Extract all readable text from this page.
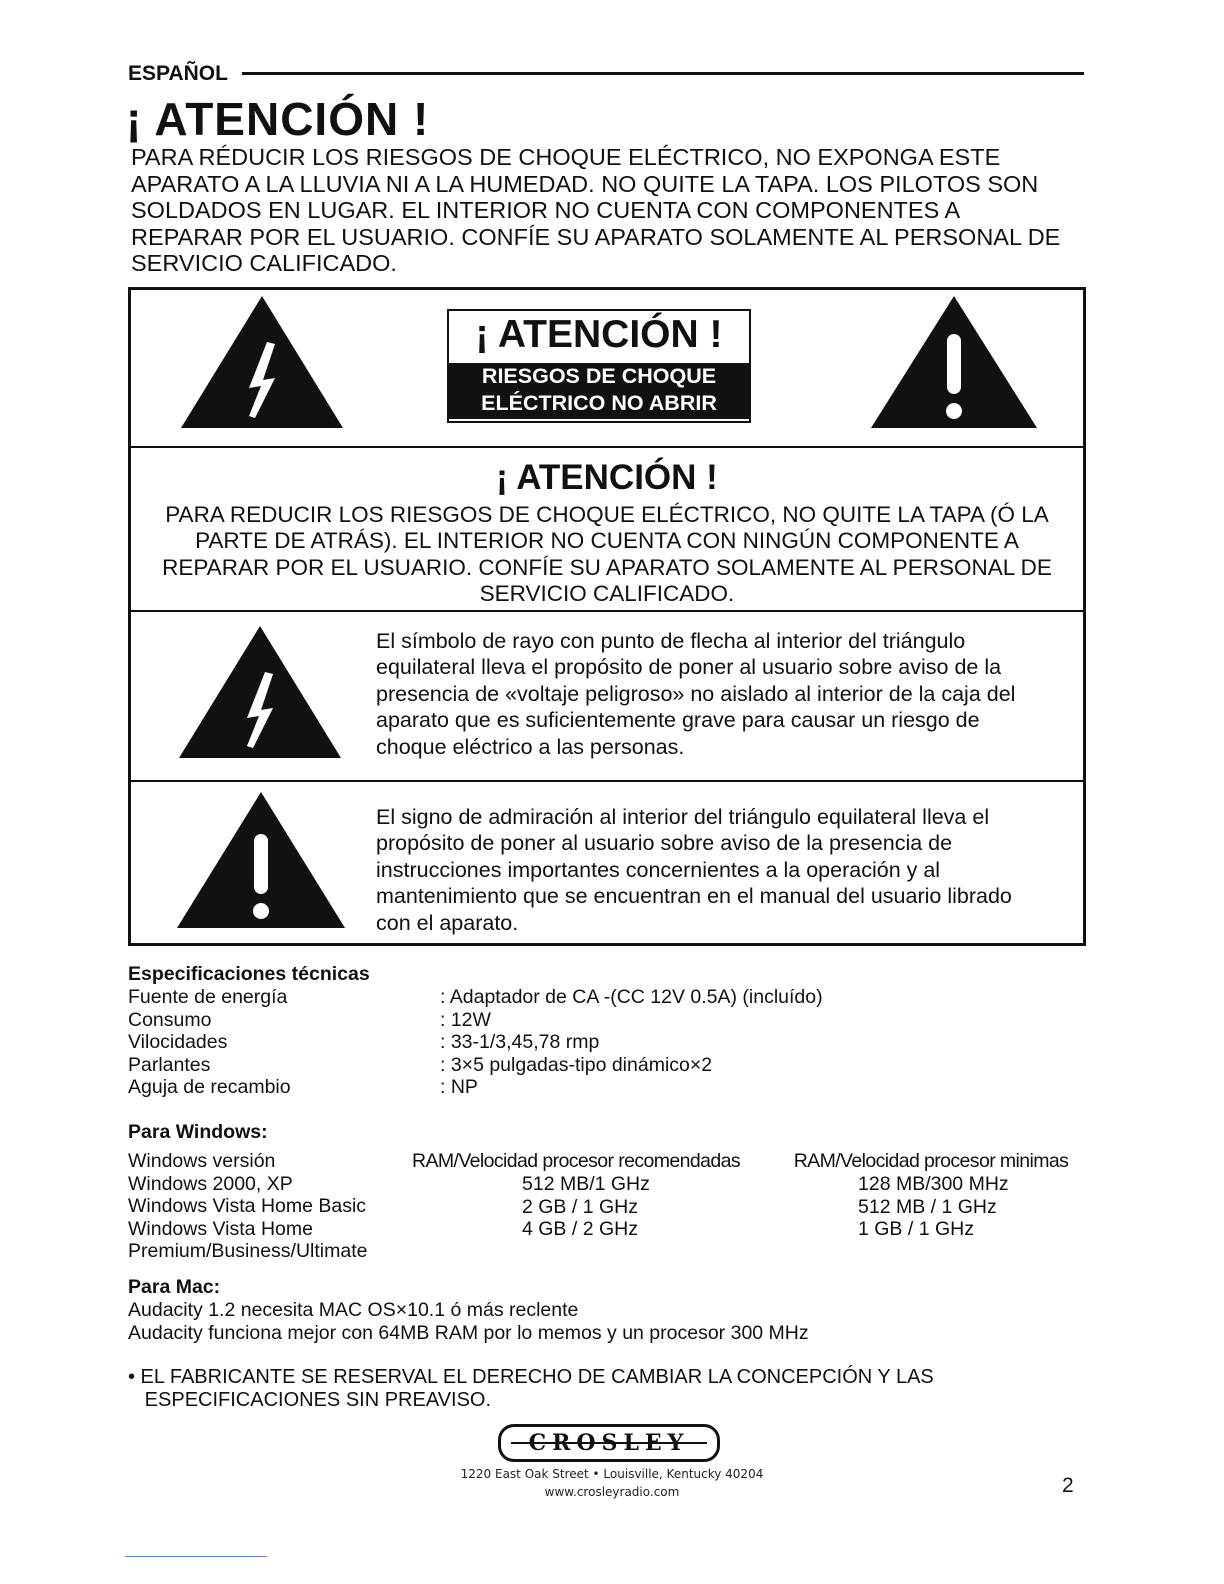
ESPAÑOL
¡ ATENCIÓN !
PARA RÉDUCIR LOS RIESGOS DE CHOQUE ELÉCTRICO, NO EXPONGA ESTE
APARATO A LA LLUVIA NI A LA HUMEDAD. NO QUITE LA TAPA. LOS PILOTOS SON
SOLDADOS EN LUGAR. EL INTERIOR NO CUENTA CON COMPONENTES A
REPARAR POR EL USUARIO. CONFÍE SU APARATO SOLAMENTE AL PERSONAL DE
SERVICIO CALIFICADO.
¡ ATENCIÓN !
RIESGOS DE CHOQUE
ELÉCTRICO NO ABRIR
¡ ATENCIÓN !
PARA REDUCIR LOS RIESGOS DE CHOQUE ELÉCTRICO, NO QUITE LA TAPA (Ó LA
PARTE DE ATRÁS). EL INTERIOR NO CUENTA CON NINGÚN COMPONENTE A
REPARAR POR EL USUARIO. CONFÍE SU APARATO SOLAMENTE AL PERSONAL DE
SERVICIO CALIFICADO.
El símbolo de rayo con punto de flecha al interior del triángulo
equilateral lleva el propósito de poner al usuario sobre aviso de la
presencia de «voltaje peligroso» no aislado al interior de la caja del
aparato que es suficientemente grave para causar un riesgo de
choque eléctrico a las personas.
El signo de admiración al interior del triángulo equilateral lleva el
propósito de poner al usuario sobre aviso de la presencia de
instrucciones importantes concernientes a la operación y al
mantenimiento que se encuentran en el manual del usuario librado
con el aparato.
Especificaciones técnicas
Fuente de energía
Consumo
Vilocidades
Parlantes
Aguja de recambio
: Adaptador de CA -(CC 12V 0.5A) (incluído)
: 12W
: 33-1/3,45,78 rmp
: 3×5 pulgadas-tipo dinámico×2
: NP
Para Windows:
Windows versión
Windows 2000, XP
Windows Vista Home Basic
Windows Vista Home
Premium/Business/Ultimate
RAM/Velocidad procesor recomendadas
512 MB/1 GHz
2 GB / 1 GHz
4 GB / 2 GHz
RAM/Velocidad procesor minimas
128 MB/300 MHz
512 MB / 1 GHz
1 GB / 1 GHz
Para Mac:
Audacity 1.2 necesita MAC OS×10.1 ó más reclente
Audacity funciona mejor con 64MB RAM por lo memos y un procesor 300 MHz
• EL FABRICANTE SE RESERVAL EL DERECHO DE CAMBIAR LA CONCEPCIÓN Y LAS
ESPECIFICACIONES SIN PREAVISO.
CROSLEY
1220 East Oak Street • Louisville, Kentucky 40204
www.crosleyradio.com	2
